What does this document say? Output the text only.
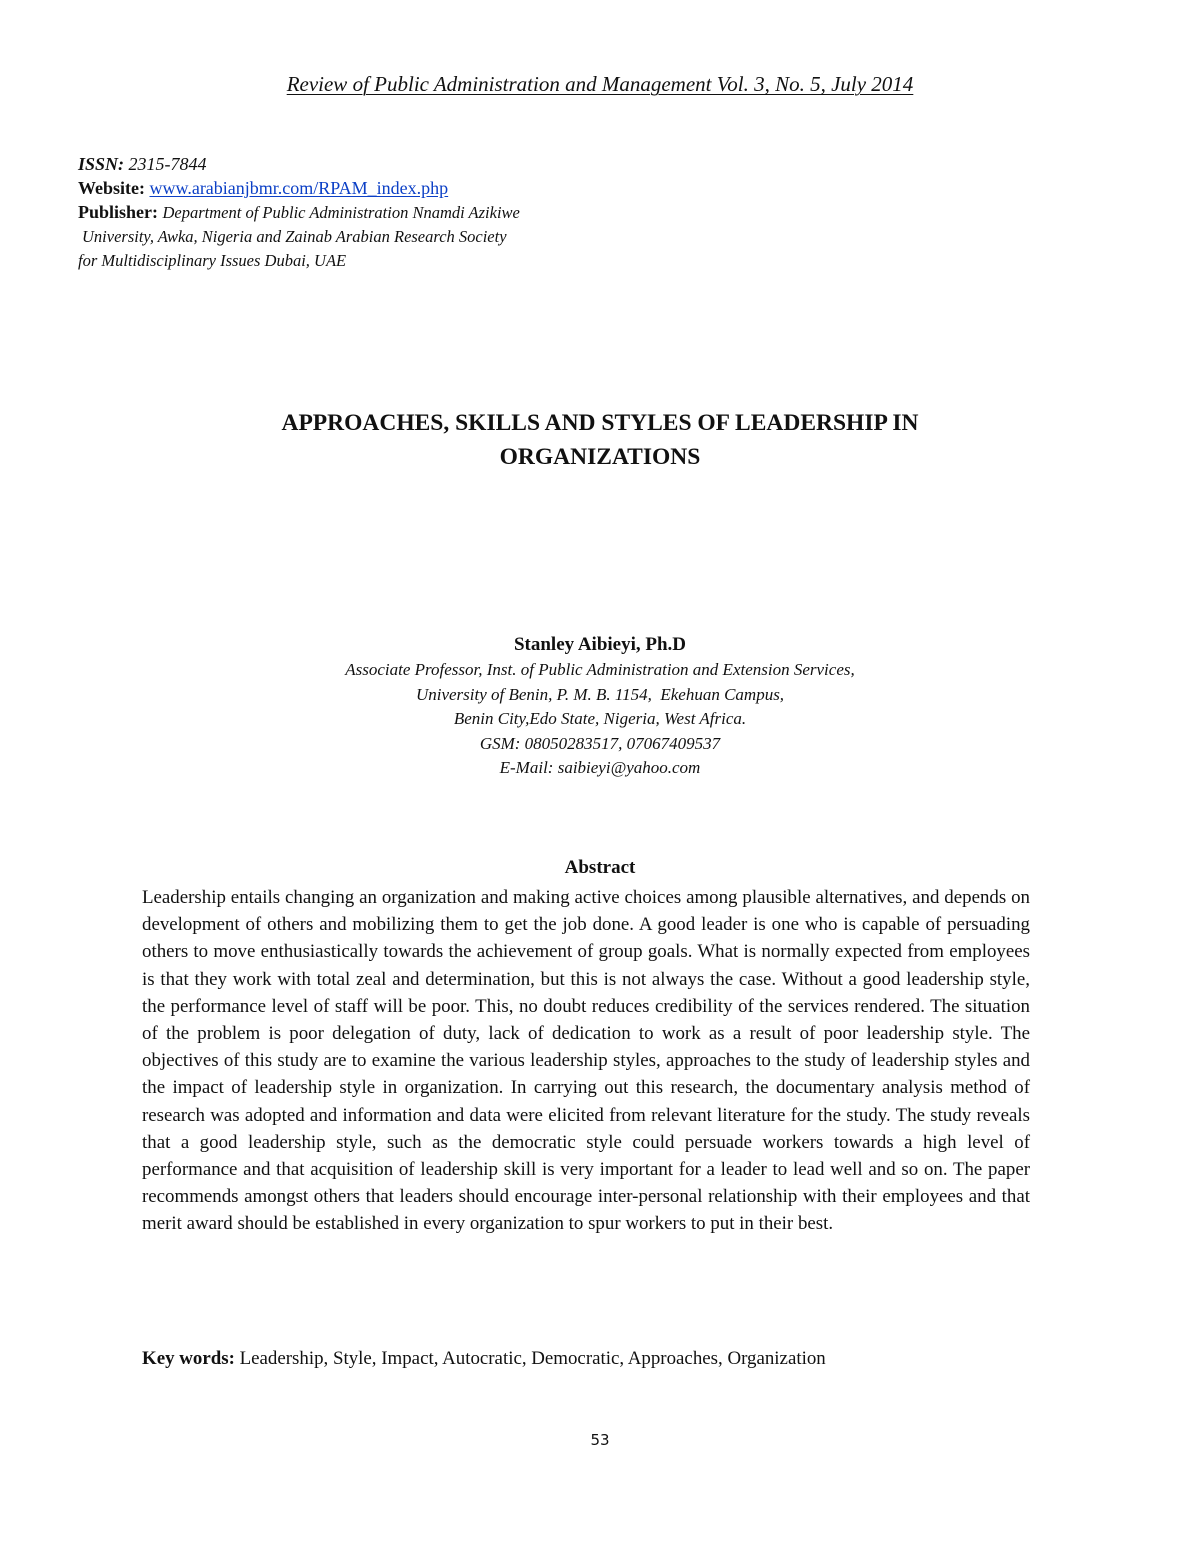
Review of Public Administration and Management Vol. 3, No. 5, July 2014
ISSN: 2315-7844
Website: www.arabianjbmr.com/RPAM_index.php
Publisher: Department of Public Administration Nnamdi Azikiwe
University, Awka, Nigeria and Zainab Arabian Research Society
for Multidisciplinary Issues Dubai, UAE
APPROACHES, SKILLS AND STYLES OF LEADERSHIP IN
ORGANIZATIONS
Stanley Aibieyi, Ph.D
Associate Professor, Inst. of Public Administration and Extension Services,
University of Benin, P. M. B. 1154,  Ekehuan Campus,
Benin City,Edo State, Nigeria, West Africa.
GSM: 08050283517, 07067409537
E-Mail: saibieyi@yahoo.com
Abstract
Leadership entails changing an organization and making active choices among plausible alternatives, and depends on development of others and mobilizing them to get the job done. A good leader is one who is capable of persuading others to move enthusiastically towards the achievement of group goals. What is normally expected from employees is that they work with total zeal and determination, but this is not always the case. Without a good leadership style, the performance level of staff will be poor. This, no doubt reduces credibility of the services rendered. The situation of the problem is poor delegation of duty, lack of dedication to work as a result of poor leadership style. The objectives of this study are to examine the various leadership styles, approaches to the study of leadership styles and the impact of leadership style in organization. In carrying out this research, the documentary analysis method of research was adopted and information and data were elicited from relevant literature for the study. The study reveals that a good leadership style, such as the democratic style could persuade workers towards a high level of performance and that acquisition of leadership skill is very important for a leader to lead well and so on. The paper recommends amongst others that leaders should encourage inter-personal relationship with their employees and that merit award should be established in every organization to spur workers to put in their best.
Key words: Leadership, Style, Impact, Autocratic, Democratic, Approaches, Organization
53
